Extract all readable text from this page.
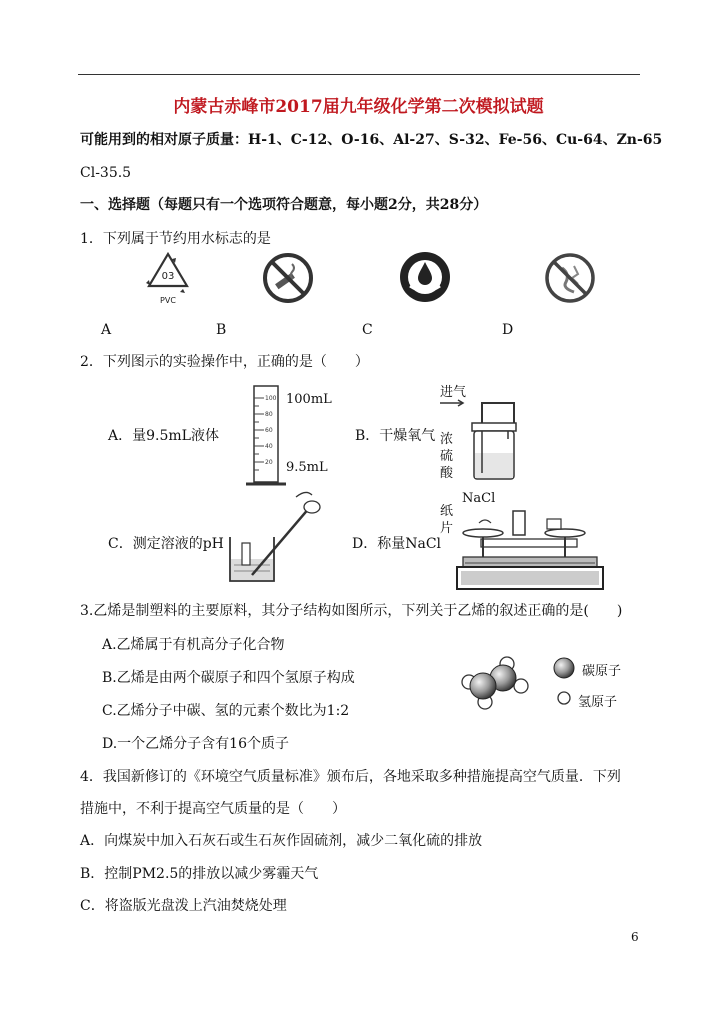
内蒙古赤峰市2017届九年级化学第二次模拟试题
可能用到的相对原子质量：H-1、C-12、O-16、Al-27、S-32、Fe-56、Cu-64、Zn-65
Cl-35.5
一、选择题（每题只有一个选项符合题意，每小题2分，共28分）
1．下列属于节约用水标志的是
03
PVC
A	B	C	D
2．下列图示的实验操作中，正确的是（　　）
100
80
60
40
20
100mL
9.5mL
A．量9.5mL液体	B．干燥氧气
进气
浓
硫
酸
C．测定溶液的pH	D．称量NaCl
NaCl
纸
片
3.乙烯是制塑料的主要原料，其分子结构如图所示，下列关于乙烯的叙述正确的是(　　)
A.乙烯属于有机高分子化合物
B.乙烯是由两个碳原子和四个氢原子构成
C.乙烯分子中碳、氢的元素个数比为1:2
D.一个乙烯分子含有16个质子
碳原子
氢原子
4．我国新修订的《环境空气质量标准》颁布后，各地采取多种措施提高空气质量．下列
措施中，不利于提高空气质量的是（　　）
A．向煤炭中加入石灰石或生石灰作固硫剂，减少二氧化硫的排放
B．控制PM2.5的排放以减少雾霾天气
C．将盗版光盘泼上汽油焚烧处理
6
